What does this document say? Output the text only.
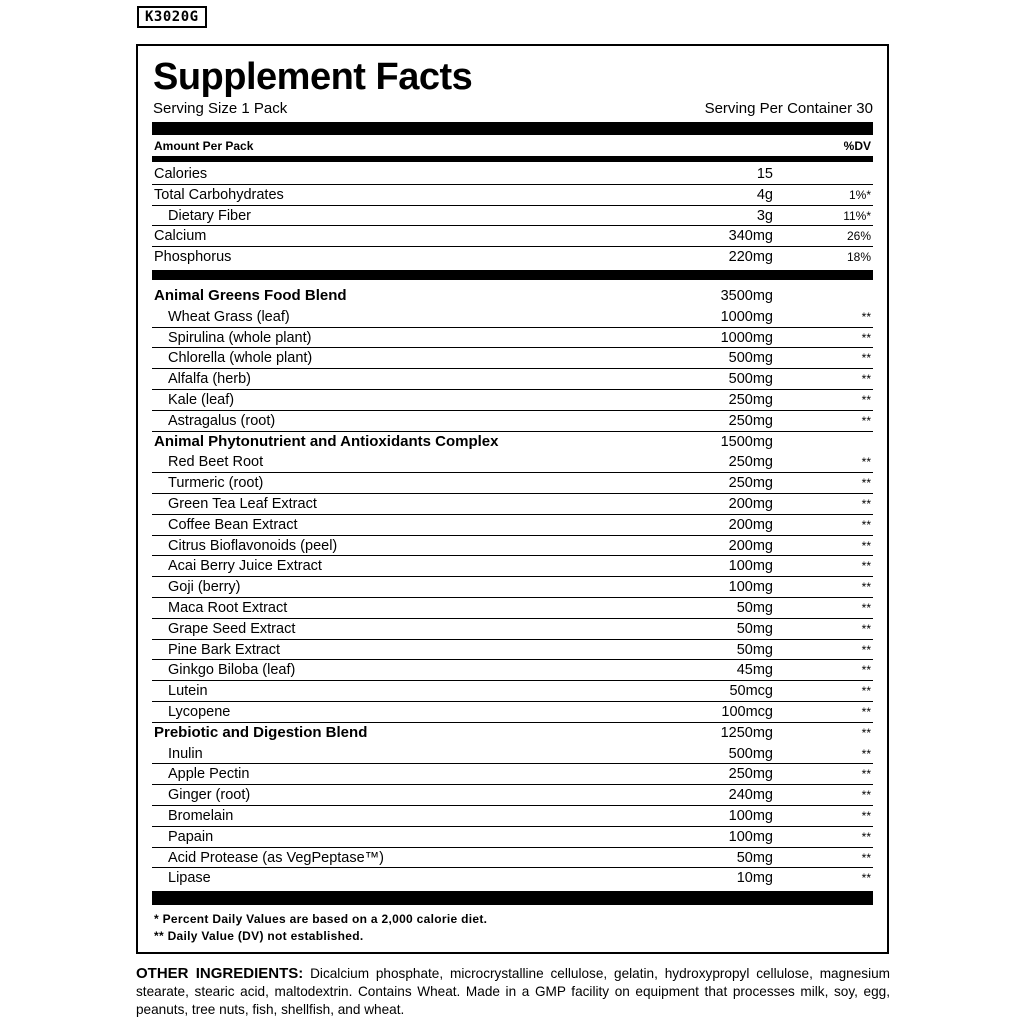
K3020G
Supplement Facts
Serving Size 1 Pack	Serving Per Container 30
Amount Per Pack	%DV
Calories	15
Total Carbohydrates	4g	1%*
Dietary Fiber	3g	11%*
Calcium	340mg	26%
Phosphorus	220mg	18%
Animal Greens Food Blend	3500mg
Wheat Grass (leaf)	1000mg	**
Spirulina (whole plant)	1000mg	**
Chlorella (whole plant)	500mg	**
Alfalfa (herb)	500mg	**
Kale (leaf)	250mg	**
Astragalus (root)	250mg	**
Animal Phytonutrient and Antioxidants Complex	1500mg
Red Beet Root	250mg	**
Turmeric (root)	250mg	**
Green Tea Leaf Extract	200mg	**
Coffee Bean Extract	200mg	**
Citrus Bioflavonoids (peel)	200mg	**
Acai Berry Juice Extract	100mg	**
Goji (berry)	100mg	**
Maca Root Extract	50mg	**
Grape Seed Extract	50mg	**
Pine Bark Extract	50mg	**
Ginkgo Biloba (leaf)	45mg	**
Lutein	50mcg	**
Lycopene	100mcg	**
Prebiotic and Digestion Blend	1250mg	**
Inulin	500mg	**
Apple Pectin	250mg	**
Ginger (root)	240mg	**
Bromelain	100mg	**
Papain	100mg	**
Acid Protease (as VegPeptase™)	50mg	**
Lipase	10mg	**
* Percent Daily Values are based on a 2,000 calorie diet.
** Daily Value (DV) not established.
OTHER INGREDIENTS: Dicalcium phosphate, microcrystalline cellulose, gelatin, hydroxypropyl cellulose, magnesium stearate, stearic acid, maltodextrin. Contains Wheat. Made in a GMP facility on equipment that processes milk, soy, egg, peanuts, tree nuts, fish, shellfish, and wheat.
